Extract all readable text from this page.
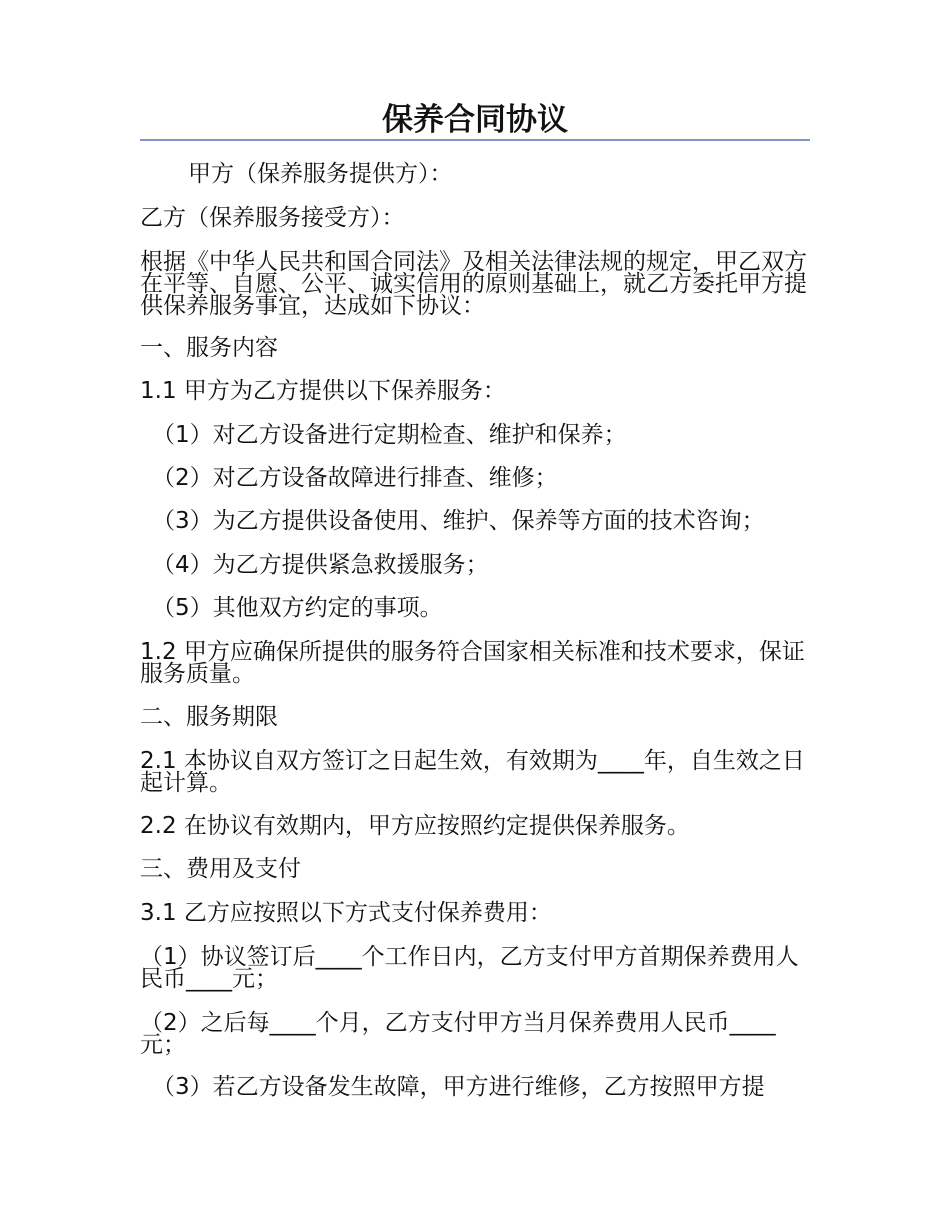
保养合同协议

甲方（保养服务提供方）：

乙方（保养服务接受方）：

根据《中华人民共和国合同法》及相关法律法规的规定，甲乙双方在平等、自愿、公平、诚实信用的原则基础上，就乙方委托甲方提供保养服务事宜，达成如下协议：

一、服务内容

1.1 甲方为乙方提供以下保养服务：

（1）对乙方设备进行定期检查、维护和保养；

（2）对乙方设备故障进行排查、维修；

（3）为乙方提供设备使用、维护、保养等方面的技术咨询；

（4）为乙方提供紧急救援服务；

（5）其他双方约定的事项。

1.2 甲方应确保所提供的服务符合国家相关标准和技术要求，保证服务质量。

二、服务期限

2.1 本协议自双方签订之日起生效，有效期为____年，自生效之日起计算。

2.2 在协议有效期内，甲方应按照约定提供保养服务。

三、费用及支付

3.1 乙方应按照以下方式支付保养费用：

（1）协议签订后____个工作日内，乙方支付甲方首期保养费用人民币____元；

（2）之后每____个月，乙方支付甲方当月保养费用人民币____元；

（3）若乙方设备发生故障，甲方进行维修，乙方按照甲方提
